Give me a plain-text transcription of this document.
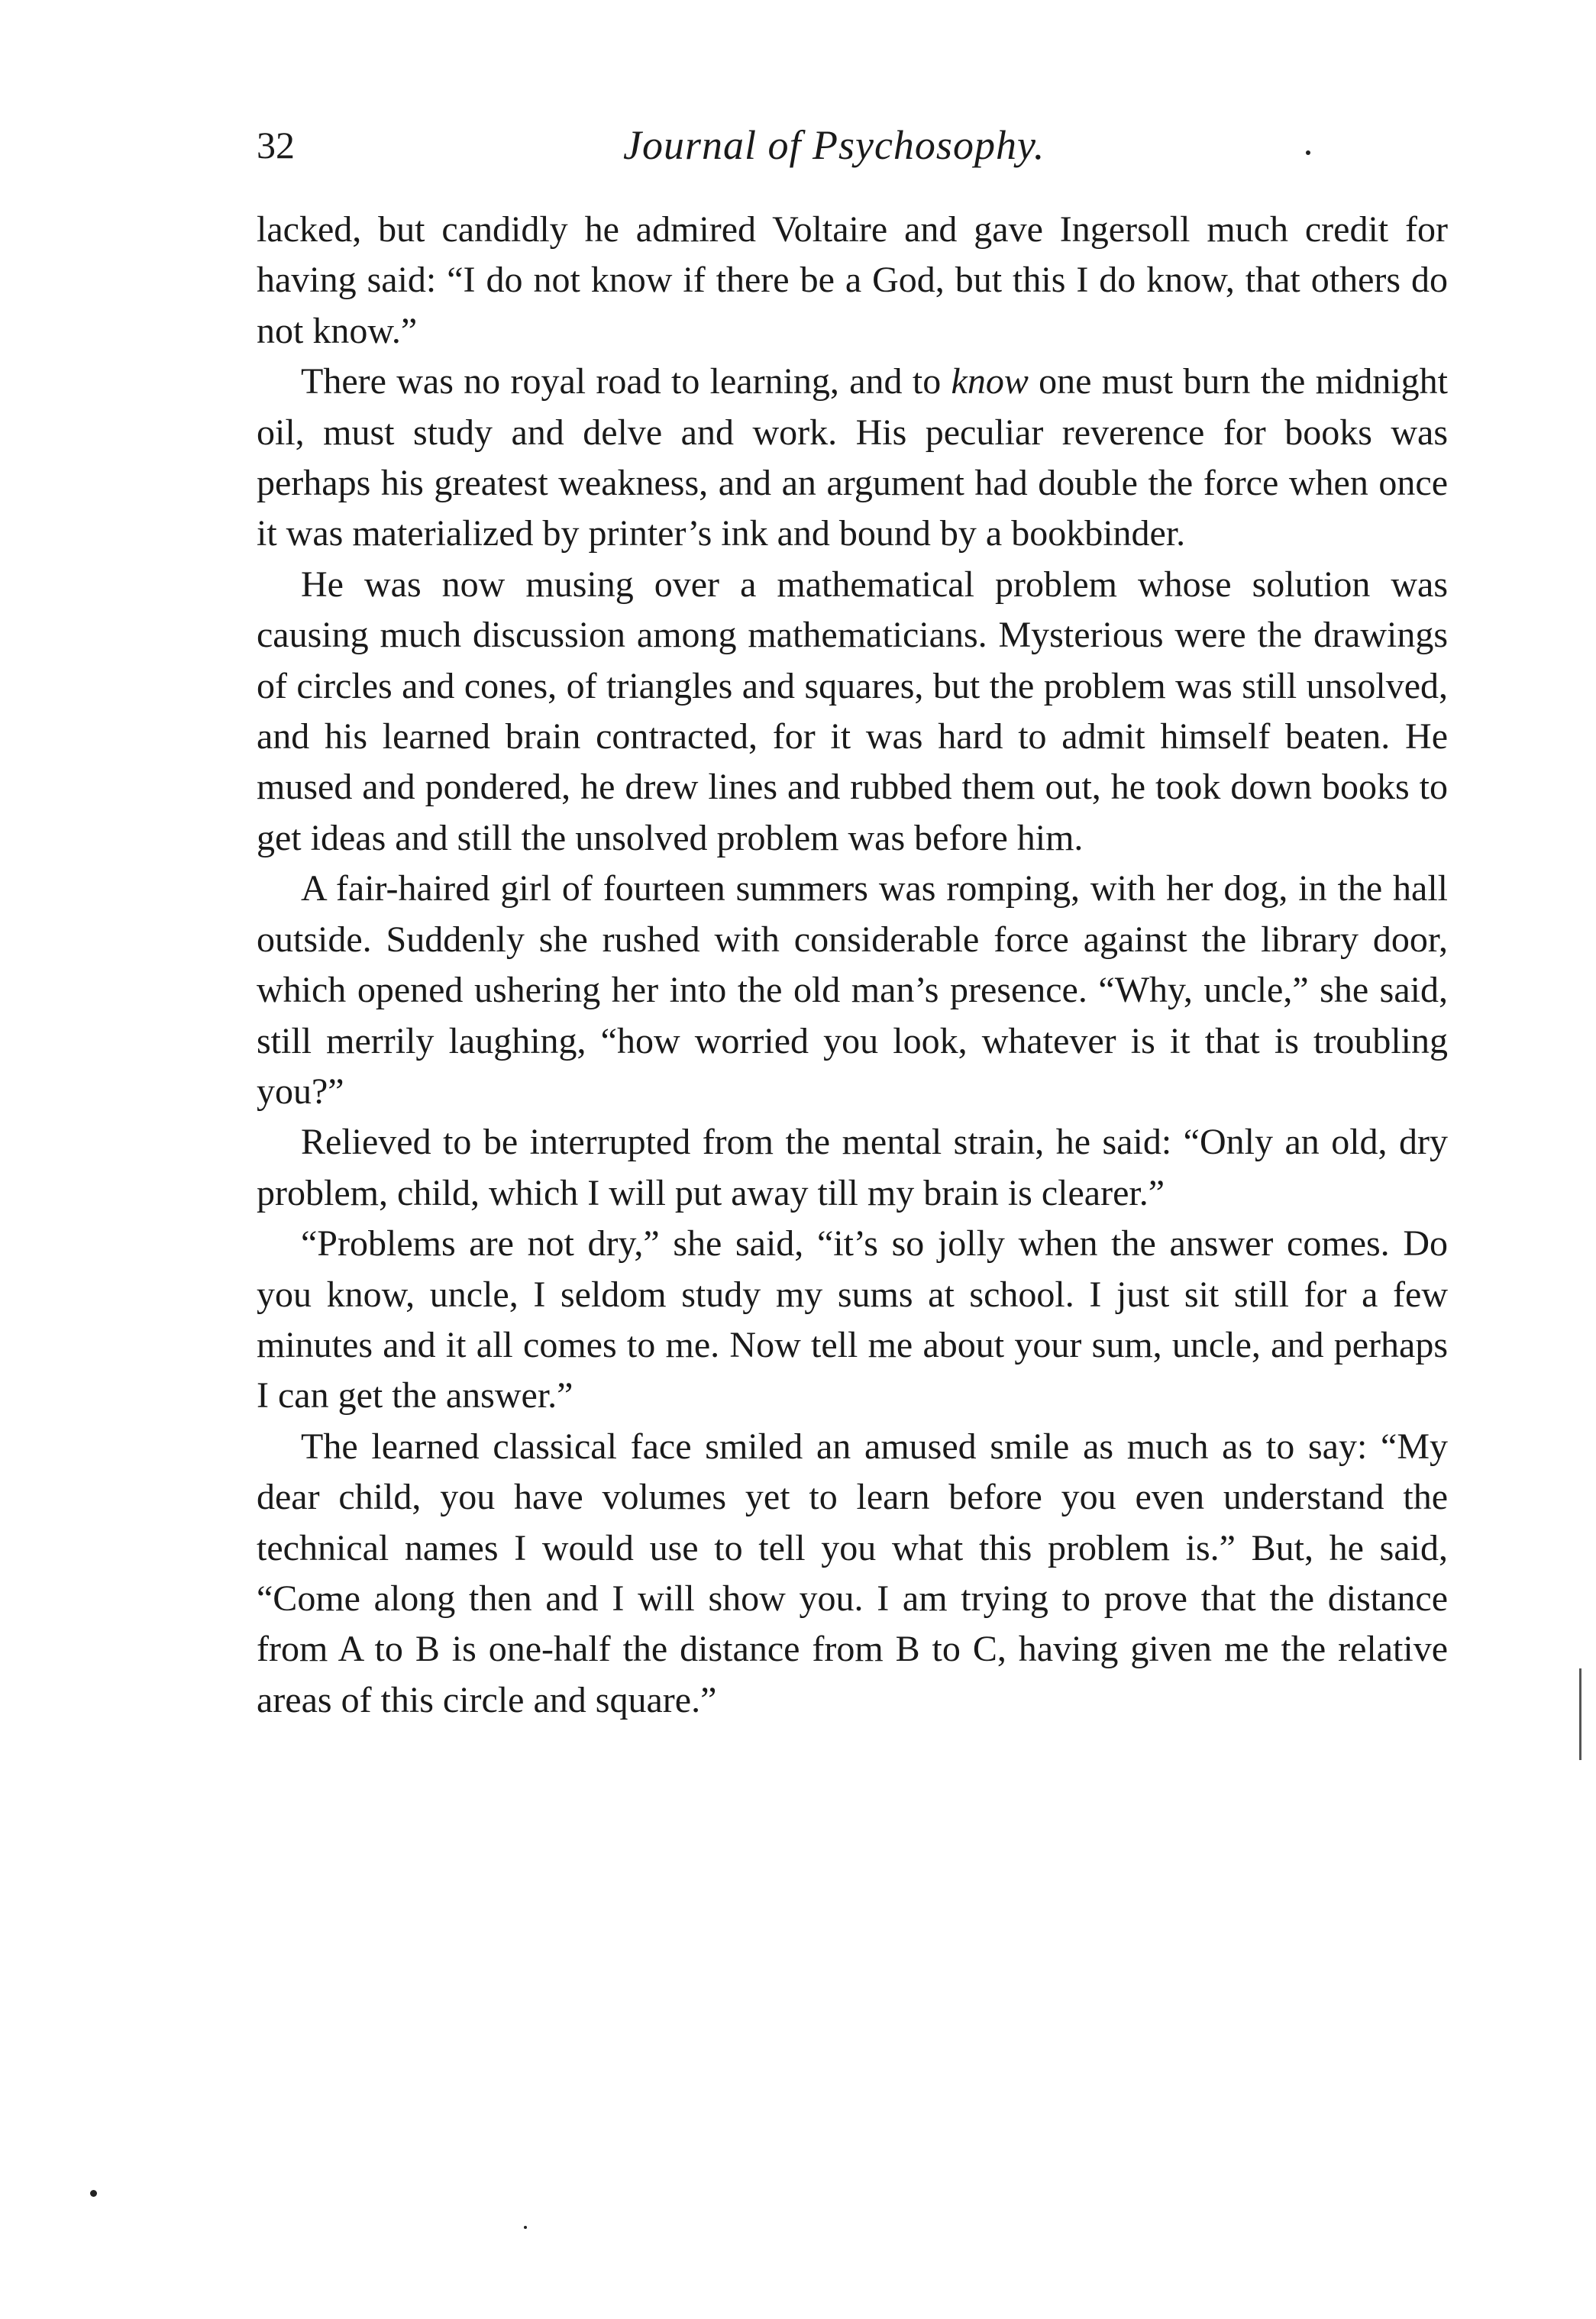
32	Journal of Psychosophy.

lacked, but candidly he admired Voltaire and gave Ingersoll much credit for having said: “I do not know if there be a God, but this I do know, that others do not know.”

There was no royal road to learning, and to know one must burn the midnight oil, must study and delve and work. His peculiar reverence for books was perhaps his greatest weakness, and an argument had double the force when once it was materialized by printer’s ink and bound by a bookbinder.

He was now musing over a mathematical problem whose solution was causing much discussion among mathematicians. Mysterious were the drawings of circles and cones, of triangles and squares, but the problem was still unsolved, and his learned brain contracted, for it was hard to admit himself beaten. He mused and pondered, he drew lines and rubbed them out, he took down books to get ideas and still the unsolved problem was before him.

A fair-haired girl of fourteen summers was romping, with her dog, in the hall outside. Suddenly she rushed with considerable force against the library door, which opened ushering her into the old man’s presence. “Why, uncle,” she said, still merrily laughing, “how worried you look, whatever is it that is troubling you?”

Relieved to be interrupted from the mental strain, he said: “Only an old, dry problem, child, which I will put away till my brain is clearer.”

“Problems are not dry,” she said, “it’s so jolly when the answer comes. Do you know, uncle, I seldom study my sums at school. I just sit still for a few minutes and it all comes to me. Now tell me about your sum, uncle, and perhaps I can get the answer.”

The learned classical face smiled an amused smile as much as to say: “My dear child, you have volumes yet to learn before you even understand the technical names I would use to tell you what this problem is.” But, he said, “Come along then and I will show you. I am trying to prove that the distance from A to B is one-half the distance from B to C, having given me the relative areas of this circle and square.”
